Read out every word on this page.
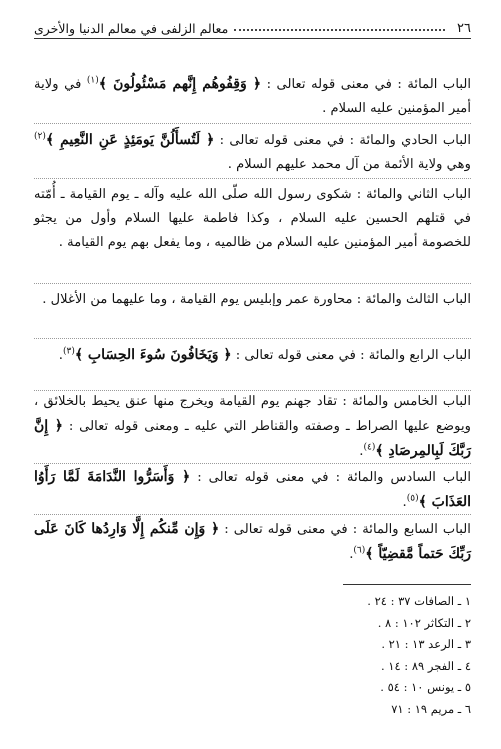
٢٦
معالم الزلفى في معالم الدنيا والأخرى

الباب المائة : في معنى قوله تعالى : ﴿ وَقِفُوهُم إِنَّهم مَسْئُولُونَ ﴾$^{(١)}$ في ولاية أمير المؤمنين عليه السلام .

الباب الحادي والمائة : في معنى قوله تعالى : ﴿ لَتُسأَلُنَّ يَومَئِذٍ عَنِ النَّعِيمِ ﴾$^{(٢)}$ وهي ولاية الأئمة من آل محمد عليهم السلام .

الباب الثاني والمائة : شكوى رسول الله صلّى الله عليه وآله ـ يوم القيامة ـ أُمّته في قتلهم الحسين عليه السلام ، وكذا فاطمة عليها السلام وأول من يجثو للخصومة أمير المؤمنين عليه السلام من ظالميه ، وما يفعل بهم يوم القيامة .

الباب الثالث والمائة : محاورة عمر وإبليس يوم القيامة ، وما عليهما من الأغلال .

الباب الرابع والمائة : في معنى قوله تعالى : ﴿ وَيَخَافُونَ سُوءَ الحِسَابِ ﴾$^{(٣)}$.

الباب الخامس والمائة : تقاد جهنم يوم القيامة ويخرج منها عنق يحيط بالخلائق ، ويوضع عليها الصراط ـ وصفته والقناطر التي عليه ـ ومعنى قوله تعالى : ﴿ إِنَّ رَبَّكَ لَبِالمِرصَادِ ﴾$^{(٤)}$.

الباب السادس والمائة : في معنى قوله تعالى : ﴿ وَأَسَرُّوا النَّدَامَةَ لَمَّا رَأَوُا العَذَابَ ﴾$^{(٥)}$.

الباب السابع والمائة : في معنى قوله تعالى : ﴿ وَإِن مِّنكُم إِلَّا وَارِدُها كَانَ عَلَى رَبِّكَ حَتماً مَّقضِيّاً ﴾$^{(٦)}$.

١ ـ الصافات ٣٧ : ٢٤ .
٢ ـ التكاثر ١٠٢ : ٨ .
٣ ـ الرعد ١٣ : ٢١ .
٤ ـ الفجر ٨٩ : ١٤ .
٥ ـ يونس ١٠ : ٥٤ .
٦ ـ مريم ١٩ : ٧١
